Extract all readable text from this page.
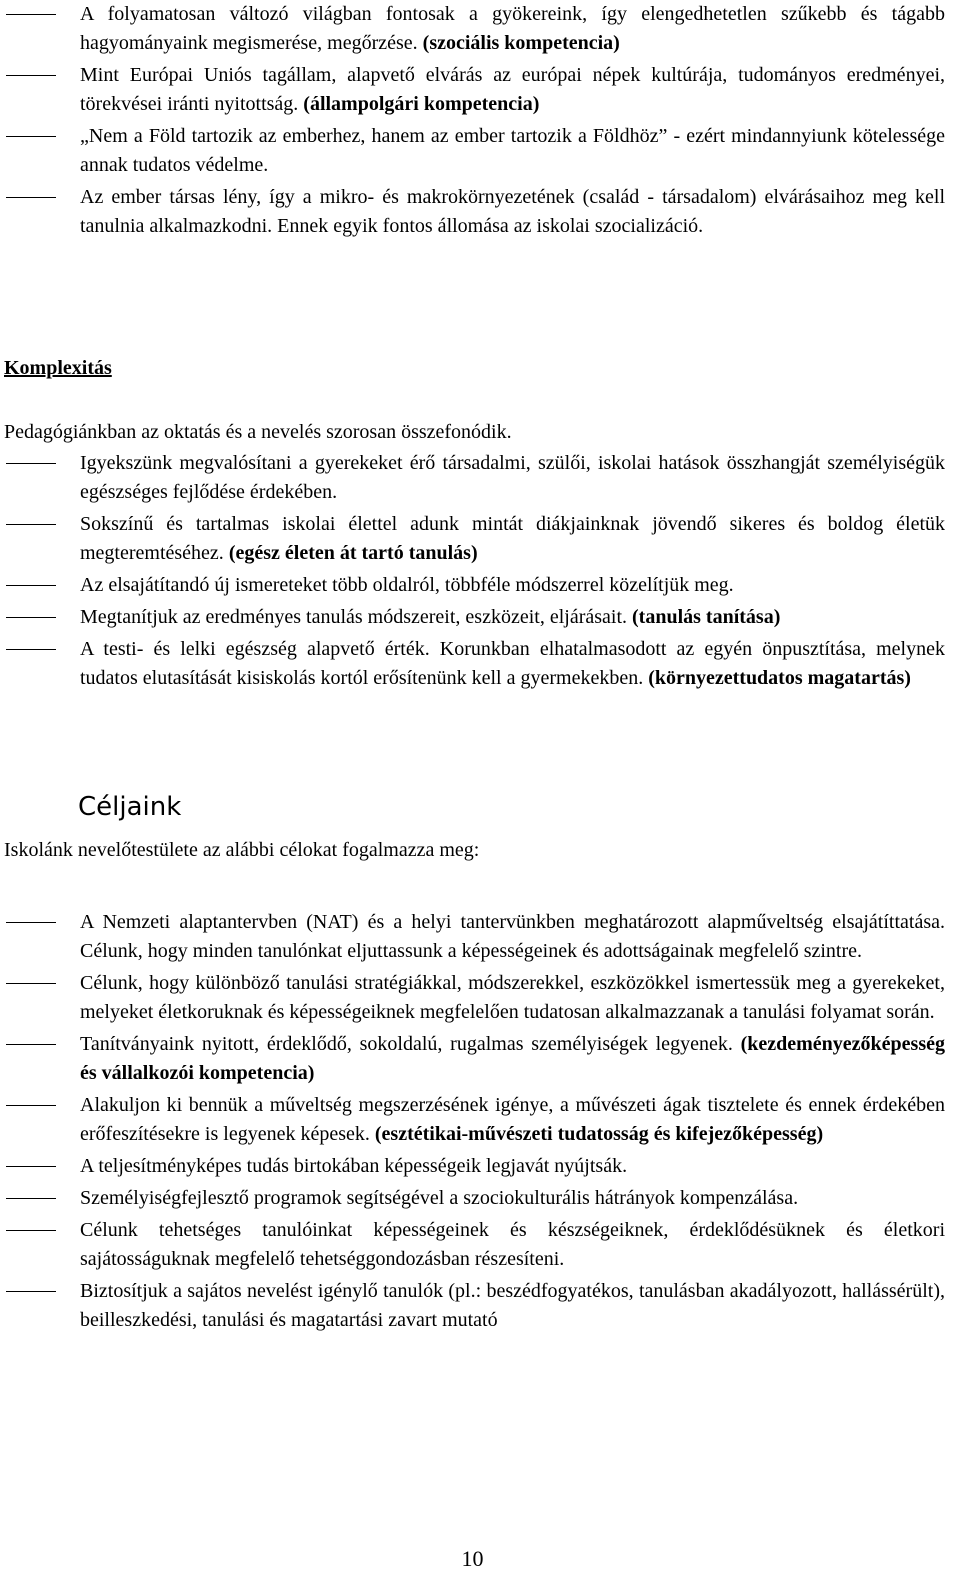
A folyamatosan változó világban fontosak a gyökereink, így elengedhetetlen szűkebb és tágabb hagyományaink megismerése, megőrzése. (szociális kompetencia)
Mint Európai Uniós tagállam, alapvető elvárás az európai népek kultúrája, tudományos eredményei, törekvései iránti nyitottság. (állampolgári kompetencia)
„Nem a Föld tartozik az emberhez, hanem az ember tartozik a Földhöz” - ezért mindannyiunk kötelessége annak tudatos védelme.
Az ember társas lény, így a mikro- és makrokörnyezetének (család - társadalom) elvárásaihoz meg kell tanulnia alkalmazkodni. Ennek egyik fontos állomása az iskolai szocializáció.
Komplexitás
Pedagógiánkban az oktatás és a nevelés szorosan összefonódik.
Igyekszünk megvalósítani a gyerekeket érő társadalmi, szülői, iskolai hatások összhangját személyiségük egészséges fejlődése érdekében.
Sokszínű és tartalmas iskolai élettel adunk mintát diákjainknak jövendő sikeres és boldog életük megteremtéséhez. (egész életen át tartó tanulás)
Az elsajátítandó új ismereteket több oldalról, többféle módszerrel közelítjük meg.
Megtanítjuk az eredményes tanulás módszereit, eszközeit, eljárásait. (tanulás tanítása)
A testi- és lelki egészség alapvető érték. Korunkban elhatalmasodott az egyén önpusztítása, melynek tudatos elutasítását kisiskolás kortól erősítenünk kell a gyermekekben. (környezettudatos magatartás)
Céljaink
Iskolánk nevelőtestülete az alábbi célokat fogalmazza meg:
A Nemzeti alaptantervben (NAT) és a helyi tantervünkben meghatározott alapműveltség elsajátíttatása. Célunk, hogy minden tanulónkat eljuttassunk a képességeinek és adottságainak megfelelő szintre.
Célunk, hogy különböző tanulási stratégiákkal, módszerekkel, eszközökkel ismertessük meg a gyerekeket, melyeket életkoruknak és képességeiknek megfelelően tudatosan alkalmazzanak a tanulási folyamat során.
Tanítványaink nyitott, érdeklődő, sokoldalú, rugalmas személyiségek legyenek. (kezdeményezőképesség és vállalkozói kompetencia)
Alakuljon ki bennük a műveltség megszerzésének igénye, a művészeti ágak tisztelete és ennek érdekében erőfeszítésekre is legyenek képesek. (esztétikai-művészeti tudatosság és kifejezőképesség)
A teljesítményképes tudás birtokában képességeik legjavát nyújtsák.
Személyiségfejlesztő programok segítségével a szociokulturális hátrányok kompenzálása.
Célunk tehetséges tanulóinkat képességeinek és készségeiknek, érdeklődésüknek és életkori sajátosságuknak megfelelő tehetséggondozásban részesíteni.
Biztosítjuk a sajátos nevelést igénylő tanulók (pl.: beszédfogyatékos, tanulásban akadályozott, hallássérült), beilleszkedési, tanulási és magatartási zavart mutató
10
